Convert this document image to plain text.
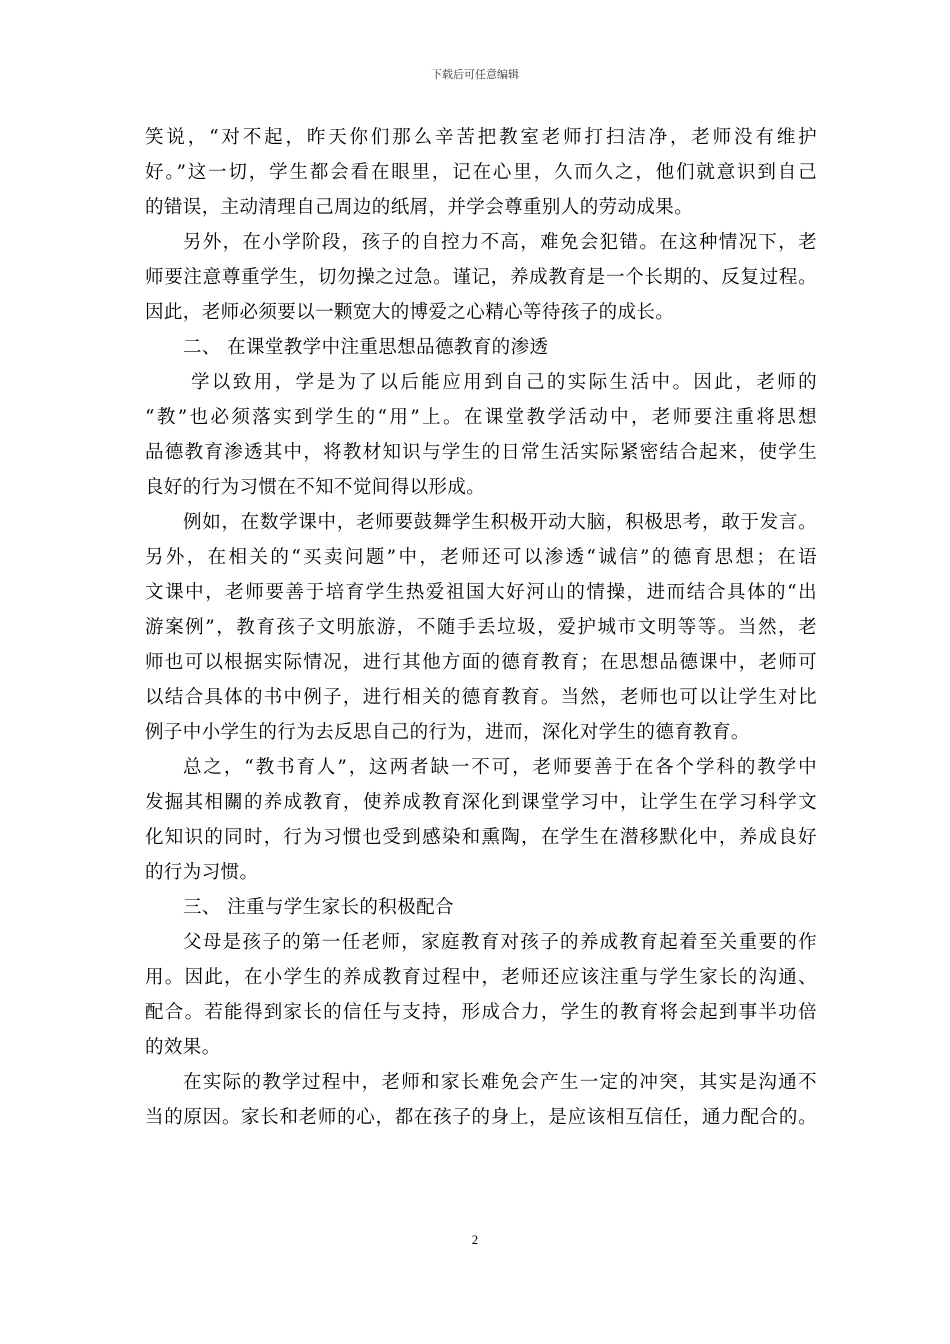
下载后可任意编辑
笑说，“对不起，昨天你们那么辛苦把教室老师打扫洁净，老师没有维护
好。”这一切，学生都会看在眼里，记在心里，久而久之，他们就意识到自己
的错误，主动清理自己周边的纸屑，并学会尊重别人的劳动成果。
另外，在小学阶段，孩子的自控力不高，难免会犯错。在这种情况下，老
师要注意尊重学生，切勿操之过急。谨记，养成教育是一个长期的、反复过程。
因此，老师必须要以一颗宽大的博爱之心精心等待孩子的成长。
二、 在课堂教学中注重思想品德教育的渗透
学以致用，学是为了以后能应用到自己的实际生活中。因此，老师的
“教”也必须落实到学生的“用”上。在课堂教学活动中，老师要注重将思想
品德教育渗透其中，将教材知识与学生的日常生活实际紧密结合起来，使学生
良好的行为习惯在不知不觉间得以形成。
例如，在数学课中，老师要鼓舞学生积极开动大脑，积极思考，敢于发言。
另外，在相关的“买卖问题”中，老师还可以渗透“诚信”的德育思想；在语
文课中，老师要善于培育学生热爱祖国大好河山的情操，进而结合具体的“出
游案例”，教育孩子文明旅游，不随手丢垃圾，爱护城市文明等等。当然，老
师也可以根据实际情况，进行其他方面的德育教育；在思想品德课中，老师可
以结合具体的书中例子，进行相关的德育教育。当然，老师也可以让学生对比
例子中小学生的行为去反思自己的行为，进而，深化对学生的德育教育。
总之，“教书育人”，这两者缺一不可，老师要善于在各个学科的教学中
发掘其相關的养成教育，使养成教育深化到课堂学习中，让学生在学习科学文
化知识的同时，行为习惯也受到感染和熏陶，在学生在潜移默化中，养成良好
的行为习惯。
三、 注重与学生家长的积极配合
父母是孩子的第一任老师，家庭教育对孩子的养成教育起着至关重要的作
用。因此，在小学生的养成教育过程中，老师还应该注重与学生家长的沟通、
配合。若能得到家长的信任与支持，形成合力，学生的教育将会起到事半功倍
的效果。
在实际的教学过程中，老师和家长难免会产生一定的冲突，其实是沟通不
当的原因。家长和老师的心，都在孩子的身上，是应该相互信任，通力配合的。
2
